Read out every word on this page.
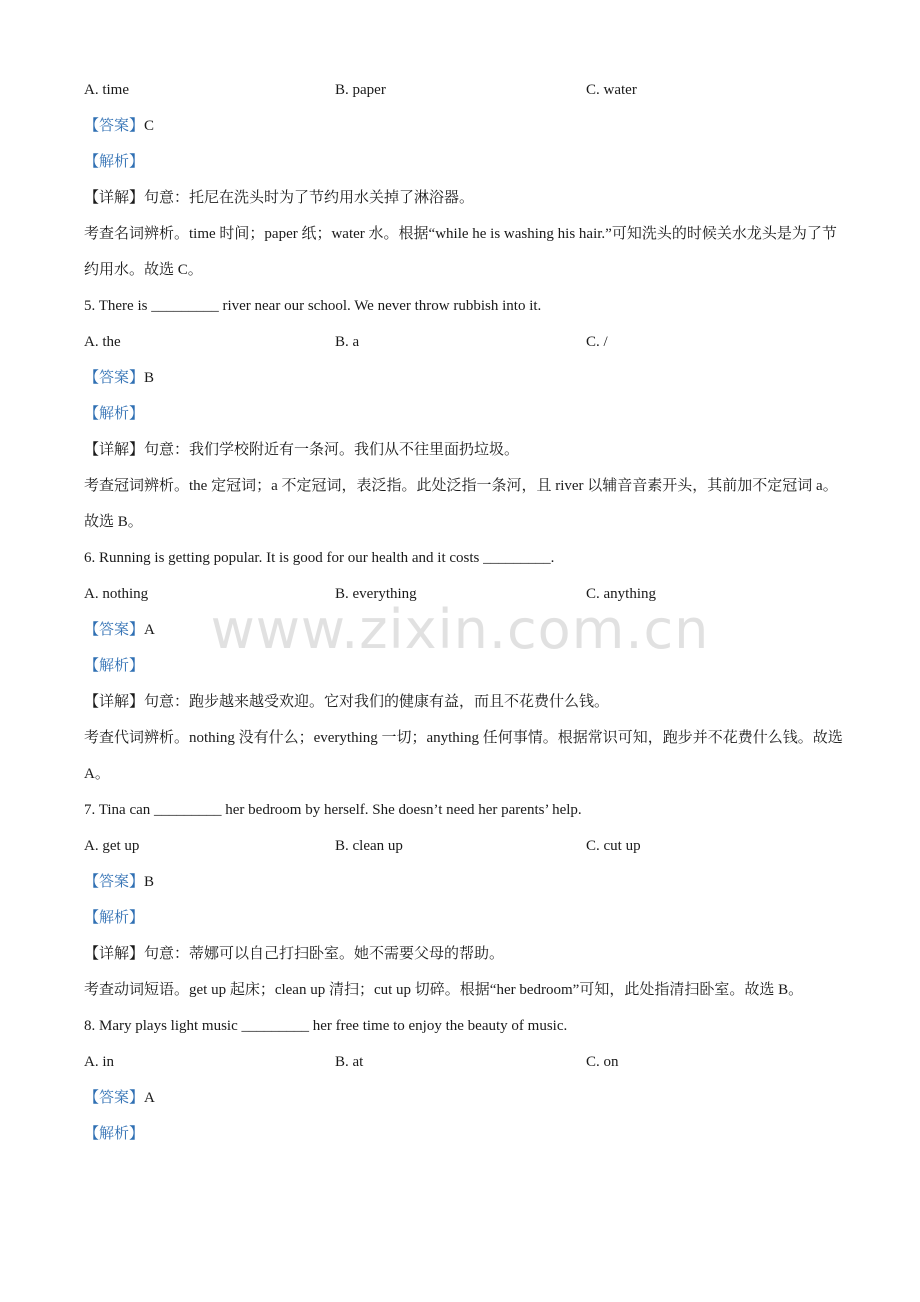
A. time	B. paper	C. water
【答案】C
【解析】
【详解】句意：托尼在洗头时为了节约用水关掉了淋浴器。
考查名词辨析。time 时间；paper 纸；water 水。根据“while he is washing his hair.”可知洗头的时候关水龙头是为了节约用水。故选 C。
5. There is _________ river near our school. We never throw rubbish into it.
A. the	B. a	C. /
【答案】B
【解析】
【详解】句意：我们学校附近有一条河。我们从不往里面扔垃圾。
考查冠词辨析。the 定冠词；a 不定冠词，表泛指。此处泛指一条河，且 river 以辅音音素开头，其前加不定冠词 a。故选 B。
6. Running is getting popular. It is good for our health and it costs _________.
A. nothing	B. everything	C. anything
【答案】A
【解析】
【详解】句意：跑步越来越受欢迎。它对我们的健康有益，而且不花费什么钱。
考查代词辨析。nothing 没有什么；everything 一切；anything 任何事情。根据常识可知，跑步并不花费什么钱。故选 A。
7. Tina can _________ her bedroom by herself. She doesn’t need her parents’ help.
A. get up	B. clean up	C. cut up
【答案】B
【解析】
【详解】句意：蒂娜可以自己打扫卧室。她不需要父母的帮助。
考查动词短语。get up 起床；clean up 清扫；cut up 切碎。根据“her bedroom”可知，此处指清扫卧室。故选 B。
8. Mary plays light music _________ her free time to enjoy the beauty of music.
A. in	B. at	C. on
【答案】A
【解析】
www.zixin.com.cn
